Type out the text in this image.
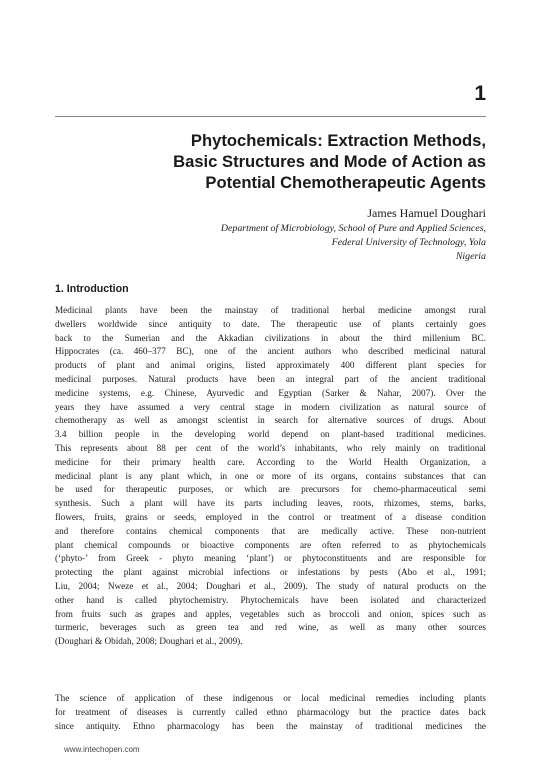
1
Phytochemicals: Extraction Methods,
Basic Structures and Mode of Action as
Potential Chemotherapeutic Agents
James Hamuel Doughari
Department of Microbiology, School of Pure and Applied Sciences,
Federal University of Technology, Yola
Nigeria
1. Introduction
Medicinal plants have been the mainstay of traditional herbal medicine amongst rural
dwellers worldwide since antiquity to date. The therapeutic use of plants certainly goes
back to the Sumerian and the Akkadian civilizations in about the third millenium BC.
Hippocrates (ca. 460–377 BC), one of the ancient authors who described medicinal natural
products of plant and animal origins, listed approximately 400 different plant species for
medicinal purposes. Natural products have been an integral part of the ancient traditional
medicine systems, e.g. Chinese, Ayurvedic and Egyptian (Sarker & Nahar, 2007). Over the
years they have assumed a very central stage in modern civilization as natural source of
chemotherapy as well as amongst scientist in search for alternative sources of drugs. About
3.4 billion people in the developing world depend on plant-based traditional medicines.
This represents about 88 per cent of the world’s inhabitants, who rely mainly on traditional
medicine for their primary health care. According to the World Health Organization, a
medicinal plant is any plant which, in one or more of its organs, contains substances that can
be used for therapeutic purposes, or which are precursors for chemo-pharmaceutical semi
synthesis. Such a plant will have its parts including leaves, roots, rhizomes, stems, barks,
flowers, fruits, grains or seeds, employed in the control or treatment of a disease condition
and therefore contains chemical components that are medically active. These non-nutrient
plant chemical compounds or bioactive components are often referred to as phytochemicals
(‘phyto-’ from Greek - phyto meaning ‘plant’) or phytoconstituents and are responsible for
protecting the plant against microbial infections or infestations by pests (Abo et al., 1991;
Liu, 2004; Nweze et al., 2004; Doughari et al., 2009). The study of natural products on the
other hand is called phytochemistry. Phytochemicals have been isolated and characterized
from fruits such as grapes and apples, vegetables such as broccoli and onion, spices such as
turmeric, beverages such as green tea and red wine, as well as many other sources
(Doughari & Obidah, 2008; Doughari et al., 2009).
The science of application of these indigenous or local medicinal remedies including plants
for treatment of diseases is currently called ethno pharmacology but the practice dates back
since antiquity. Ethno pharmacology has been the mainstay of traditional medicines the
www.intechopen.com
